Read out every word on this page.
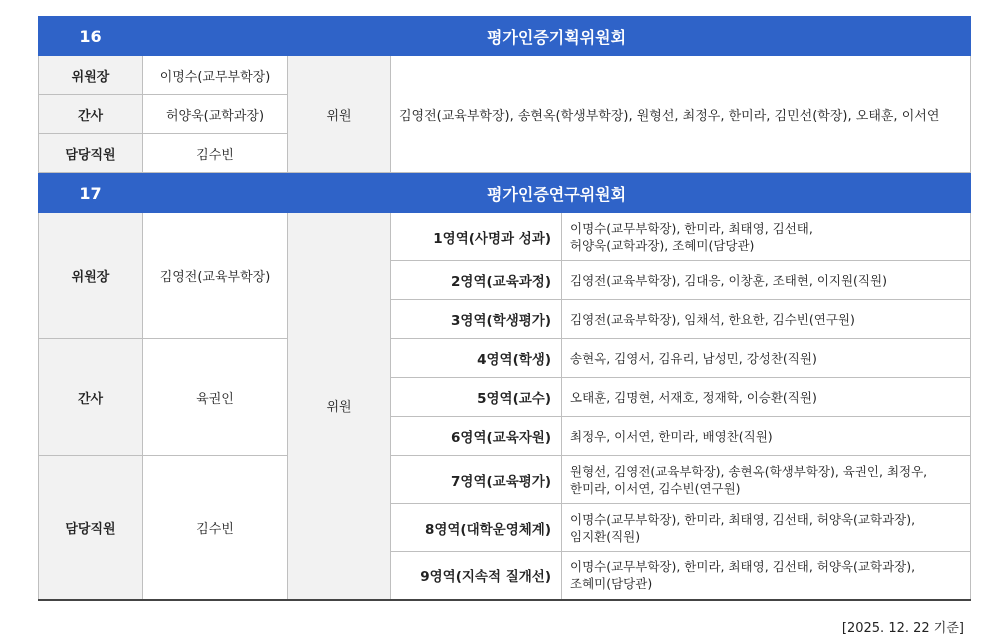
16	평가인증기획위원회		
위원장	이명수(교무부학장)	위원	김영전(교육부학장), 송현옥(학생부학장), 원형선, 최정우, 한미라, 김민선(학장), 오태훈, 이서연
간사	허양욱(교학과장)		
담당직원	김수빈		
17	평가인증연구위원회			
위원장	김영전(교육부학장)	위원	1영역(사명과 성과)	이명수(교무부학장), 한미라, 최태영, 김선태,
허양욱(교학과장), 조혜미(담당관)
			2영역(교육과정)	김영전(교육부학장), 김대응, 이창훈, 조태현, 이지원(직원)
			3영역(학생평가)	김영전(교육부학장), 임채석, 한요한, 김수빈(연구원)
간사	육권인		4영역(학생)	송현옥, 김영서, 김유리, 남성민, 강성찬(직원)
			5영역(교수)	오태훈, 김명현, 서재호, 정재학, 이승환(직원)
			6영역(교육자원)	최정우, 이서연, 한미라, 배영찬(직원)
담당직원	김수빈		7영역(교육평가)	원형선, 김영전(교육부학장), 송현옥(학생부학장), 육권인, 최정우,
한미라, 이서연, 김수빈(연구원)
			8영역(대학운영체계)	이명수(교무부학장), 한미라, 최태영, 김선태, 허양욱(교학과장),
임지환(직원)
			9영역(지속적 질개선)	이명수(교무부학장), 한미라, 최태영, 김선태, 허양욱(교학과장),
조혜미(담당관)
[2025. 12. 22 기준]
